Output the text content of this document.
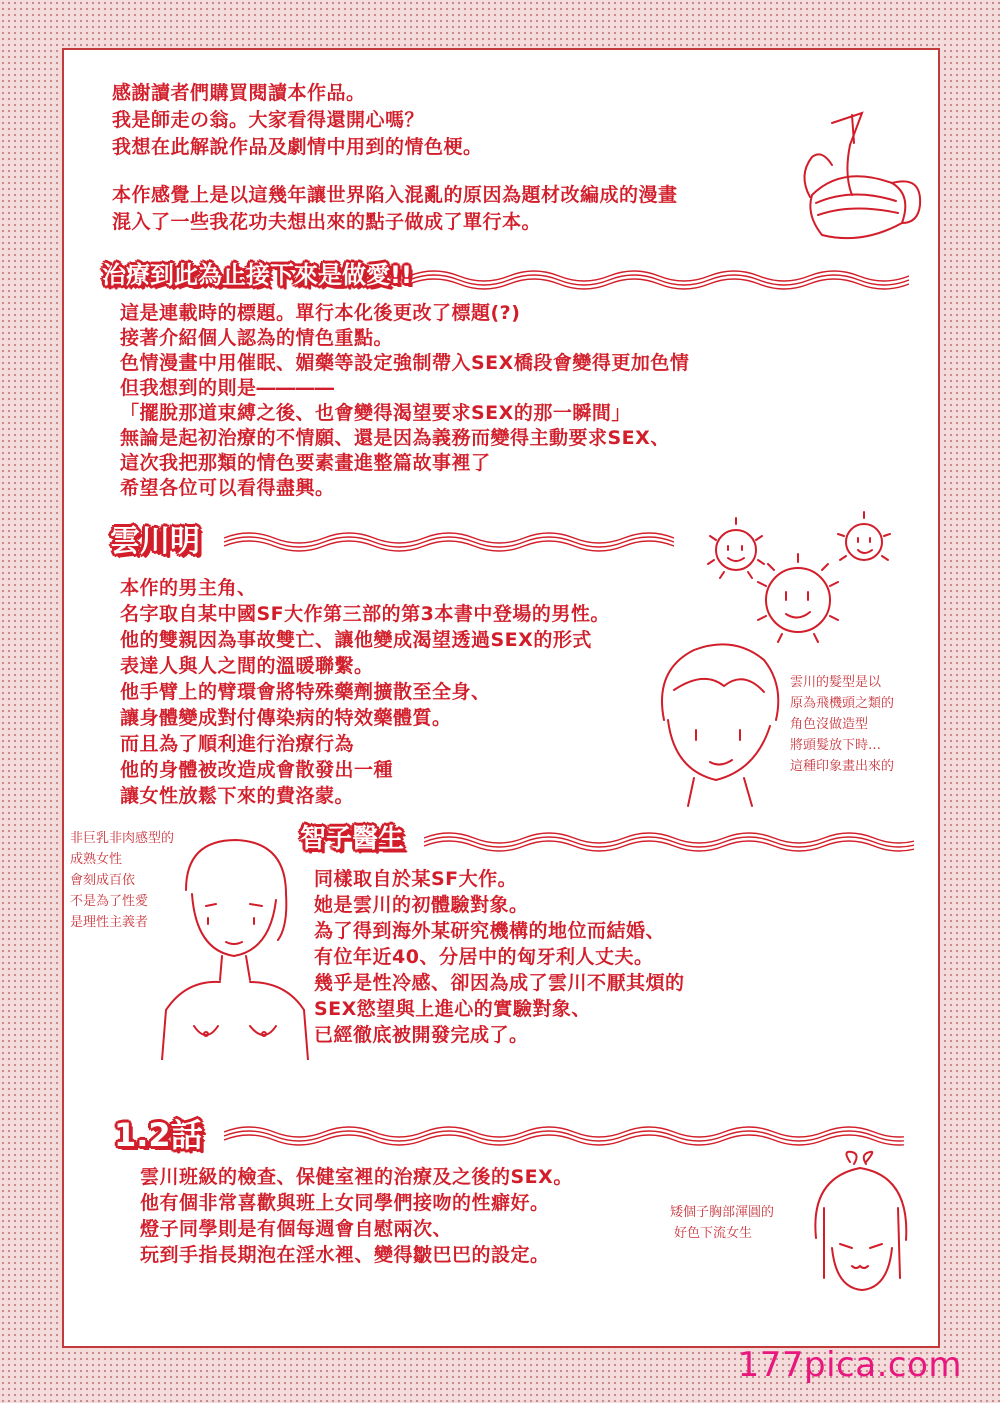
感謝讀者們購買閱讀本作品。
我是師走の翁。大家看得還開心嗎？
我想在此解說作品及劇情中用到的情色梗。
本作感覺上是以這幾年讓世界陷入混亂的原因為題材改編成的漫畫
混入了一些我花功夫想出來的點子做成了單行本。
治療到此為止接下來是做愛!!
這是連載時的標題。單行本化後更改了標題(?)
接著介紹個人認為的情色重點。
色情漫畫中用催眠、媚藥等設定強制帶入SEX橋段會變得更加色情
但我想到的則是――――
「擺脫那道束縛之後、也會變得渴望要求SEX的那一瞬間」
無論是起初治療的不情願、還是因為義務而變得主動要求SEX、
這次我把那類的情色要素畫進整篇故事裡了
希望各位可以看得盡興。
雲川明
本作的男主角、
名字取自某中國SF大作第三部的第3本書中登場的男性。
他的雙親因為事故雙亡、讓他變成渴望透過SEX的形式
表達人與人之間的溫暖聯繫。
他手臂上的臂環會將特殊藥劑擴散至全身、
讓身體變成對付傳染病的特效藥體質。
而且為了順利進行治療行為
他的身體被改造成會散發出一種
讓女性放鬆下來的費洛蒙。
雲川的髮型是以
原為飛機頭之類的
角色沒做造型
將頭髮放下時…
這種印象畫出來的
智子醫生
非巨乳非肉感型的
成熟女性
會刻成百依
不是為了性愛
是理性主義者
同樣取自於某SF大作。
她是雲川的初體驗對象。
為了得到海外某研究機構的地位而結婚、
有位年近40、分居中的匈牙利人丈夫。
幾乎是性冷感、卻因為成了雲川不厭其煩的
SEX慾望與上進心的實驗對象、
已經徹底被開發完成了。
1.2話
雲川班級的檢查、保健室裡的治療及之後的SEX。
他有個非常喜歡與班上女同學們接吻的性癖好。
燈子同學則是有個每週會自慰兩次、
玩到手指長期泡在淫水裡、變得皺巴巴的設定。
矮個子胸部渾圓的
好色下流女生
177pica.com
